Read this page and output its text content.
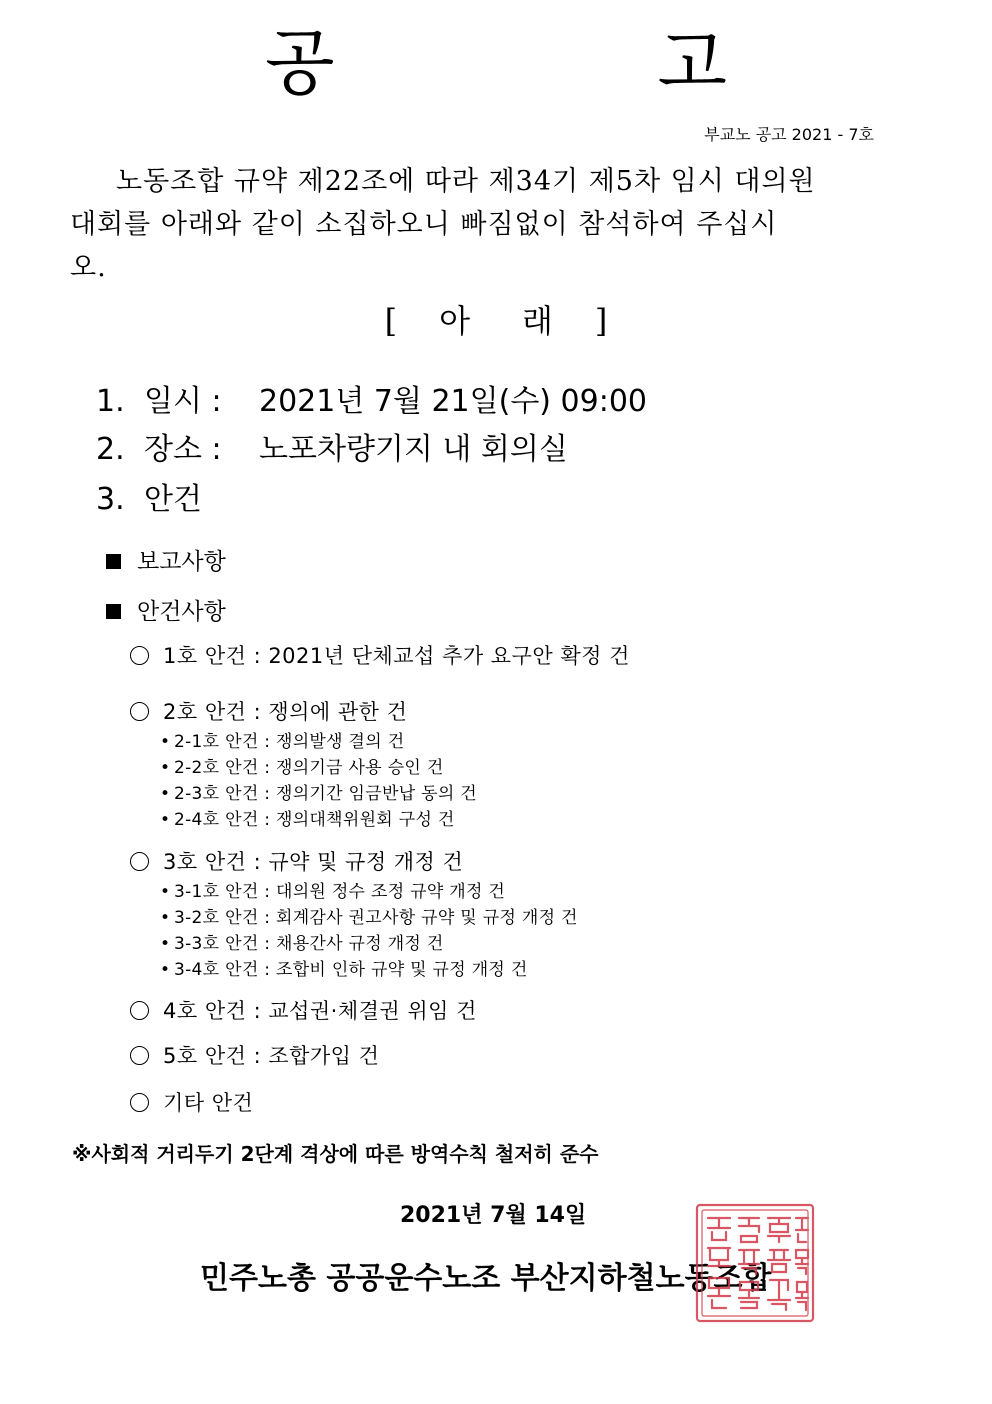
공 고
부교노 공고 2021 - 7호
노동조합 규약 제22조에 따라 제34기 제5차 임시 대의원
대회를 아래와 같이 소집하오니 빠짐없이 참석하여 주십시
오.
[ 아 래 ]
1. 일시 : 2021년 7월 21일(수) 09:00
2. 장소 : 노포차량기지 내 회의실
3. 안건
보고사항
안건사항
1호 안건 : 2021년 단체교섭 추가 요구안 확정 건
2호 안건 : 쟁의에 관한 건
• 2-1호 안건 : 쟁의발생 결의 건
• 2-2호 안건 : 쟁의기금 사용 승인 건
• 2-3호 안건 : 쟁의기간 임금반납 동의 건
• 2-4호 안건 : 쟁의대책위원회 구성 건
3호 안건 : 규약 및 규정 개정 건
• 3-1호 안건 : 대의원 정수 조정 규약 개정 건
• 3-2호 안건 : 회계감사 권고사항 규약 및 규정 개정 건
• 3-3호 안건 : 채용간사 규정 개정 건
• 3-4호 안건 : 조합비 인하 규약 및 규정 개정 건
4호 안건 : 교섭권·체결권 위임 건
5호 안건 : 조합가입 건
기타 안건
※사회적 거리두기 2단계 격상에 따른 방역수칙 철저히 준수
2021년 7월 14일
민주노총 공공운수노조 부산지하철노동조합
